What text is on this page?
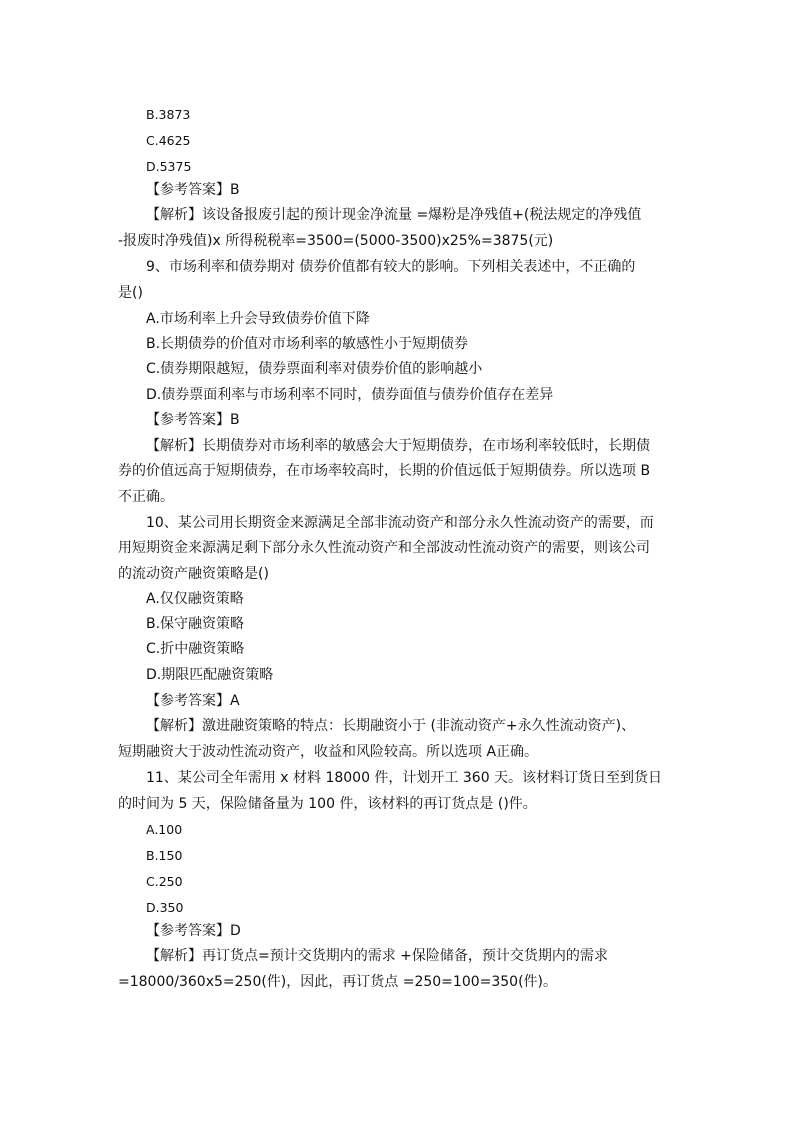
B.3873
C.4625
D.5375
【参考答案】B
【解析】该设备报废引起的预计现金净流量 =爆粉是净残值+(税法规定的净残值
-报废时净残值)x 所得税税率=3500=(5000-3500)x25%=3875(元)
9、市场利率和债券期对 债券价值都有较大的影响。下列相关表述中，不正确的
是()
A.市场利率上升会导致债券价值下降
B.长期债券的价值对市场利率的敏感性小于短期债券
C.债券期限越短，债券票面利率对债券价值的影响越小
D.债券票面利率与市场利率不同时，债券面值与债券价值存在差异
【参考答案】B
【解析】长期债券对市场利率的敏感会大于短期债券，在市场利率较低时，长期债
券的价值远高于短期债券，在市场率较高时，长期的价值远低于短期债券。所以选项 B
不正确。
10、某公司用长期资金来源满足全部非流动资产和部分永久性流动资产的需要，而
用短期资金来源满足剩下部分永久性流动资产和全部波动性流动资产的需要，则该公司
的流动资产融资策略是()
A.仅仅融资策略
B.保守融资策略
C.折中融资策略
D.期限匹配融资策略
【参考答案】A
【解析】激进融资策略的特点：长期融资小于 (非流动资产+永久性流动资产)、
短期融资大于波动性流动资产，收益和风险较高。所以选项 A正确。
11、某公司全年需用 x 材料 18000 件，计划开工 360 天。该材料订货日至到货日
的时间为 5 天，保险储备量为 100 件，该材料的再订货点是 ()件。
A.100
B.150
C.250
D.350
【参考答案】D
【解析】再订货点=预计交货期内的需求 +保险储备，预计交货期内的需求
=18000/360x5=250(件)，因此，再订货点 =250=100=350(件)。
